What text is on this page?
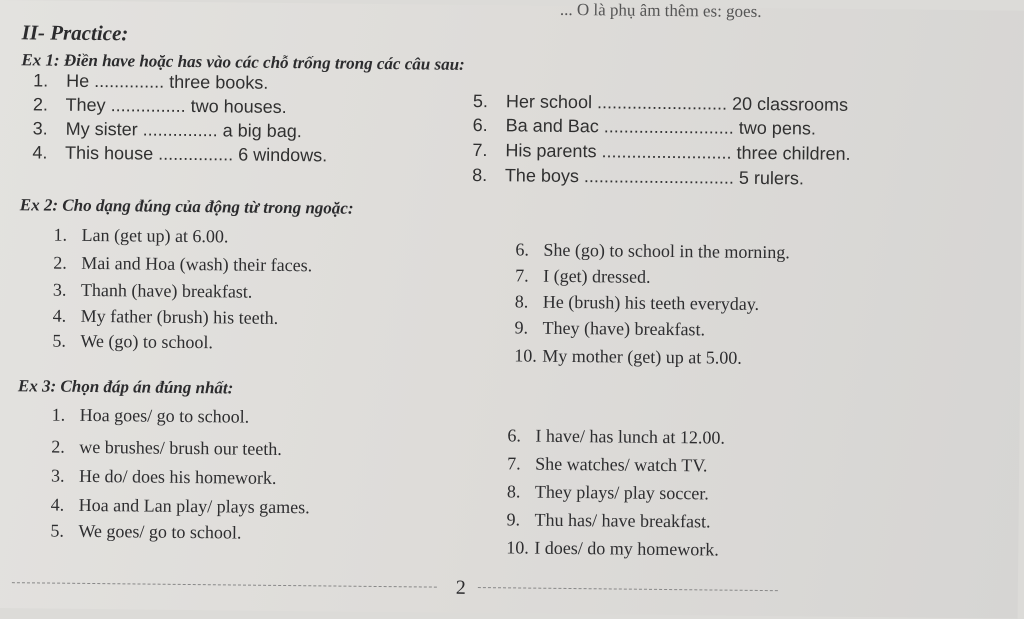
... O là phụ âm thêm es: goes.
II- Practice:
Ex 1: Điền have hoặc has vào các chỗ trống trong các câu sau:
1. He .............. three books.
2. They ............... two houses.
3. My sister ............... a big bag.
4. This house ............... 6 windows.
5. Her school .......................... 20 classrooms
6. Ba and Bac .......................... two pens.
7. His parents .......................... three children.
8. The boys .............................. 5 rulers.
Ex 2: Cho dạng đúng của động từ trong ngoặc:
1. Lan (get up) at 6.00.
2. Mai and Hoa (wash) their faces.
3. Thanh (have) breakfast.
4. My father (brush) his teeth.
5. We (go) to school.
6. She (go) to school in the morning.
7. I (get) dressed.
8. He (brush) his teeth everyday.
9. They (have) breakfast.
10. My mother (get) up at 5.00.
Ex 3: Chọn đáp án đúng nhất:
1. Hoa goes/ go to school.
2. we brushes/ brush our teeth.
3. He do/ does his homework.
4. Hoa and Lan play/ plays games.
5. We goes/ go to school.
6. I have/ has lunch at 12.00.
7. She watches/ watch TV.
8. They plays/ play soccer.
9. Thu has/ have breakfast.
10. I does/ do my homework.
2
